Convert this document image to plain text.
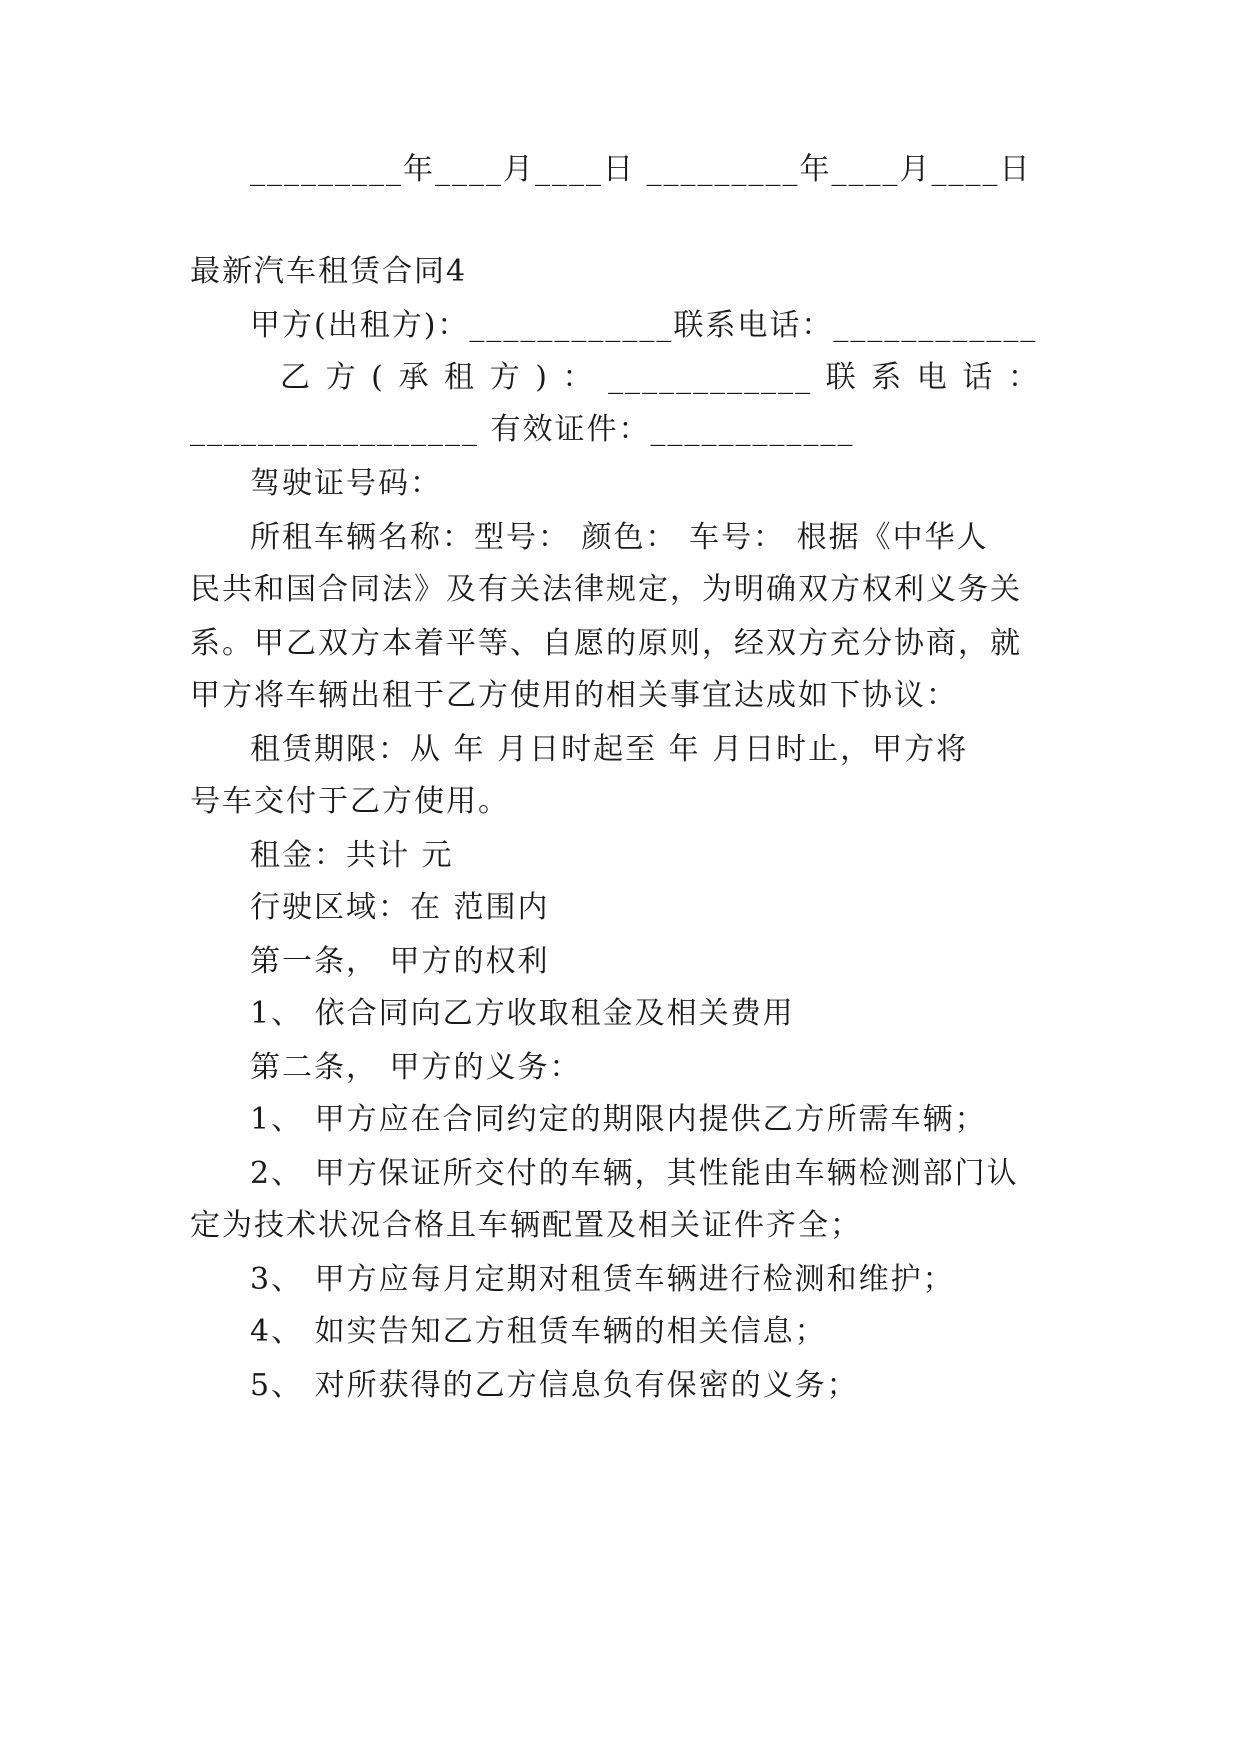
_________年____月____日 _________年____月____日
最新汽车租赁合同4
甲方(出租方)：____________联系电话：____________
乙 方 ( 承 租 方 ) ： ____________ 联 系 电 话 ：
_________________ 有效证件：____________
驾驶证号码：
所租车辆名称：型号： 颜色： 车号： 根据《中华人
民共和国合同法》及有关法律规定，为明确双方权利义务关
系。甲乙双方本着平等、自愿的原则，经双方充分协商，就
甲方将车辆出租于乙方使用的相关事宜达成如下协议：
租赁期限：从 年 月日时起至 年 月日时止，甲方将
号车交付于乙方使用。
租金：共计 元
行驶区域：在 范围内
第一条， 甲方的权利
1、 依合同向乙方收取租金及相关费用
第二条， 甲方的义务：
1、 甲方应在合同约定的期限内提供乙方所需车辆；
2、 甲方保证所交付的车辆，其性能由车辆检测部门认
定为技术状况合格且车辆配置及相关证件齐全；
3、 甲方应每月定期对租赁车辆进行检测和维护；
4、 如实告知乙方租赁车辆的相关信息；
5、 对所获得的乙方信息负有保密的义务；
